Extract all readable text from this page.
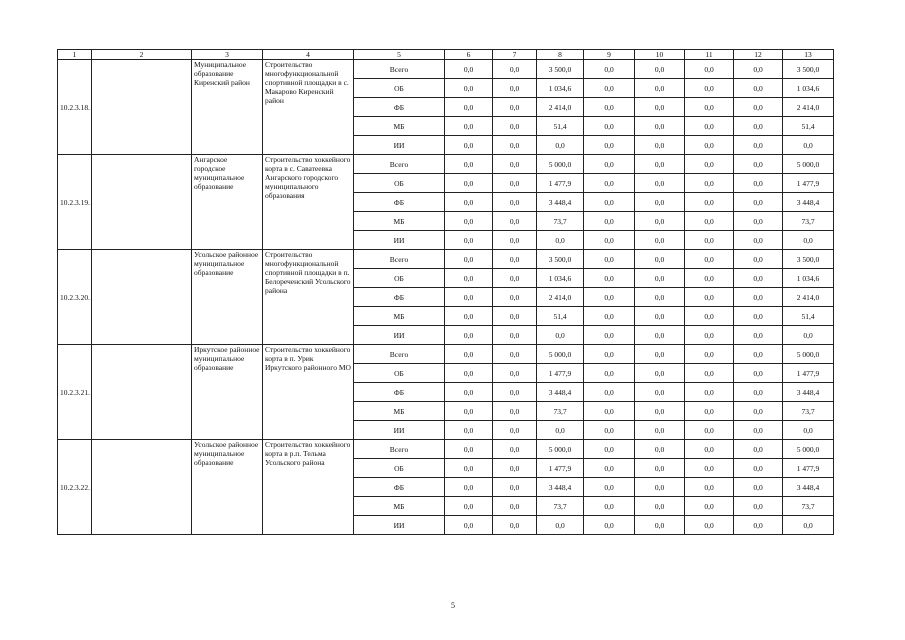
1	2	3	4	5	6	7	8	9	10	11	12	13
10.2.3.18.		Муниципальное образование Киренский район	Строительство многофункциональной спортивной площадки в с. Макарово Киренский район	Всего	0,0	0,0	3 500,0	0,0	0,0	0,0	0,0	3 500,0
				ОБ	0,0	0,0	1 034,6	0,0	0,0	0,0	0,0	1 034,6
				ФБ	0,0	0,0	2 414,0	0,0	0,0	0,0	0,0	2 414,0
				МБ	0,0	0,0	51,4	0,0	0,0	0,0	0,0	51,4
				ИИ	0,0	0,0	0,0	0,0	0,0	0,0	0,0	0,0
10.2.3.19.		Ангарское городское муниципальное образование	Строительство хоккейного корта в с. Саватеевка Ангарского городского муниципального образования	Всего	0,0	0,0	5 000,0	0,0	0,0	0,0	0,0	5 000,0
				ОБ	0,0	0,0	1 477,9	0,0	0,0	0,0	0,0	1 477,9
				ФБ	0,0	0,0	3 448,4	0,0	0,0	0,0	0,0	3 448,4
				МБ	0,0	0,0	73,7	0,0	0,0	0,0	0,0	73,7
				ИИ	0,0	0,0	0,0	0,0	0,0	0,0	0,0	0,0
10.2.3.20.		Усольское районное муниципальное образование	Строительство многофункциональной спортивной площадки в п. Белореченский Усольского района	Всего	0,0	0,0	3 500,0	0,0	0,0	0,0	0,0	3 500,0
				ОБ	0,0	0,0	1 034,6	0,0	0,0	0,0	0,0	1 034,6
				ФБ	0,0	0,0	2 414,0	0,0	0,0	0,0	0,0	2 414,0
				МБ	0,0	0,0	51,4	0,0	0,0	0,0	0,0	51,4
				ИИ	0,0	0,0	0,0	0,0	0,0	0,0	0,0	0,0
10.2.3.21.		Иркутское районное муниципальное образование	Строительство хоккейного корта в п. Урик Иркутского районного МО	Всего	0,0	0,0	5 000,0	0,0	0,0	0,0	0,0	5 000,0
				ОБ	0,0	0,0	1 477,9	0,0	0,0	0,0	0,0	1 477,9
				ФБ	0,0	0,0	3 448,4	0,0	0,0	0,0	0,0	3 448,4
				МБ	0,0	0,0	73,7	0,0	0,0	0,0	0,0	73,7
				ИИ	0,0	0,0	0,0	0,0	0,0	0,0	0,0	0,0
10.2.3.22.		Усольское районное муниципальное образование	Строительство хоккейного корта в р.п. Тельма Усольского района	Всего	0,0	0,0	5 000,0	0,0	0,0	0,0	0,0	5 000,0
				ОБ	0,0	0,0	1 477,9	0,0	0,0	0,0	0,0	1 477,9
				ФБ	0,0	0,0	3 448,4	0,0	0,0	0,0	0,0	3 448,4
				МБ	0,0	0,0	73,7	0,0	0,0	0,0	0,0	73,7
				ИИ	0,0	0,0	0,0	0,0	0,0	0,0	0,0	0,0
5
